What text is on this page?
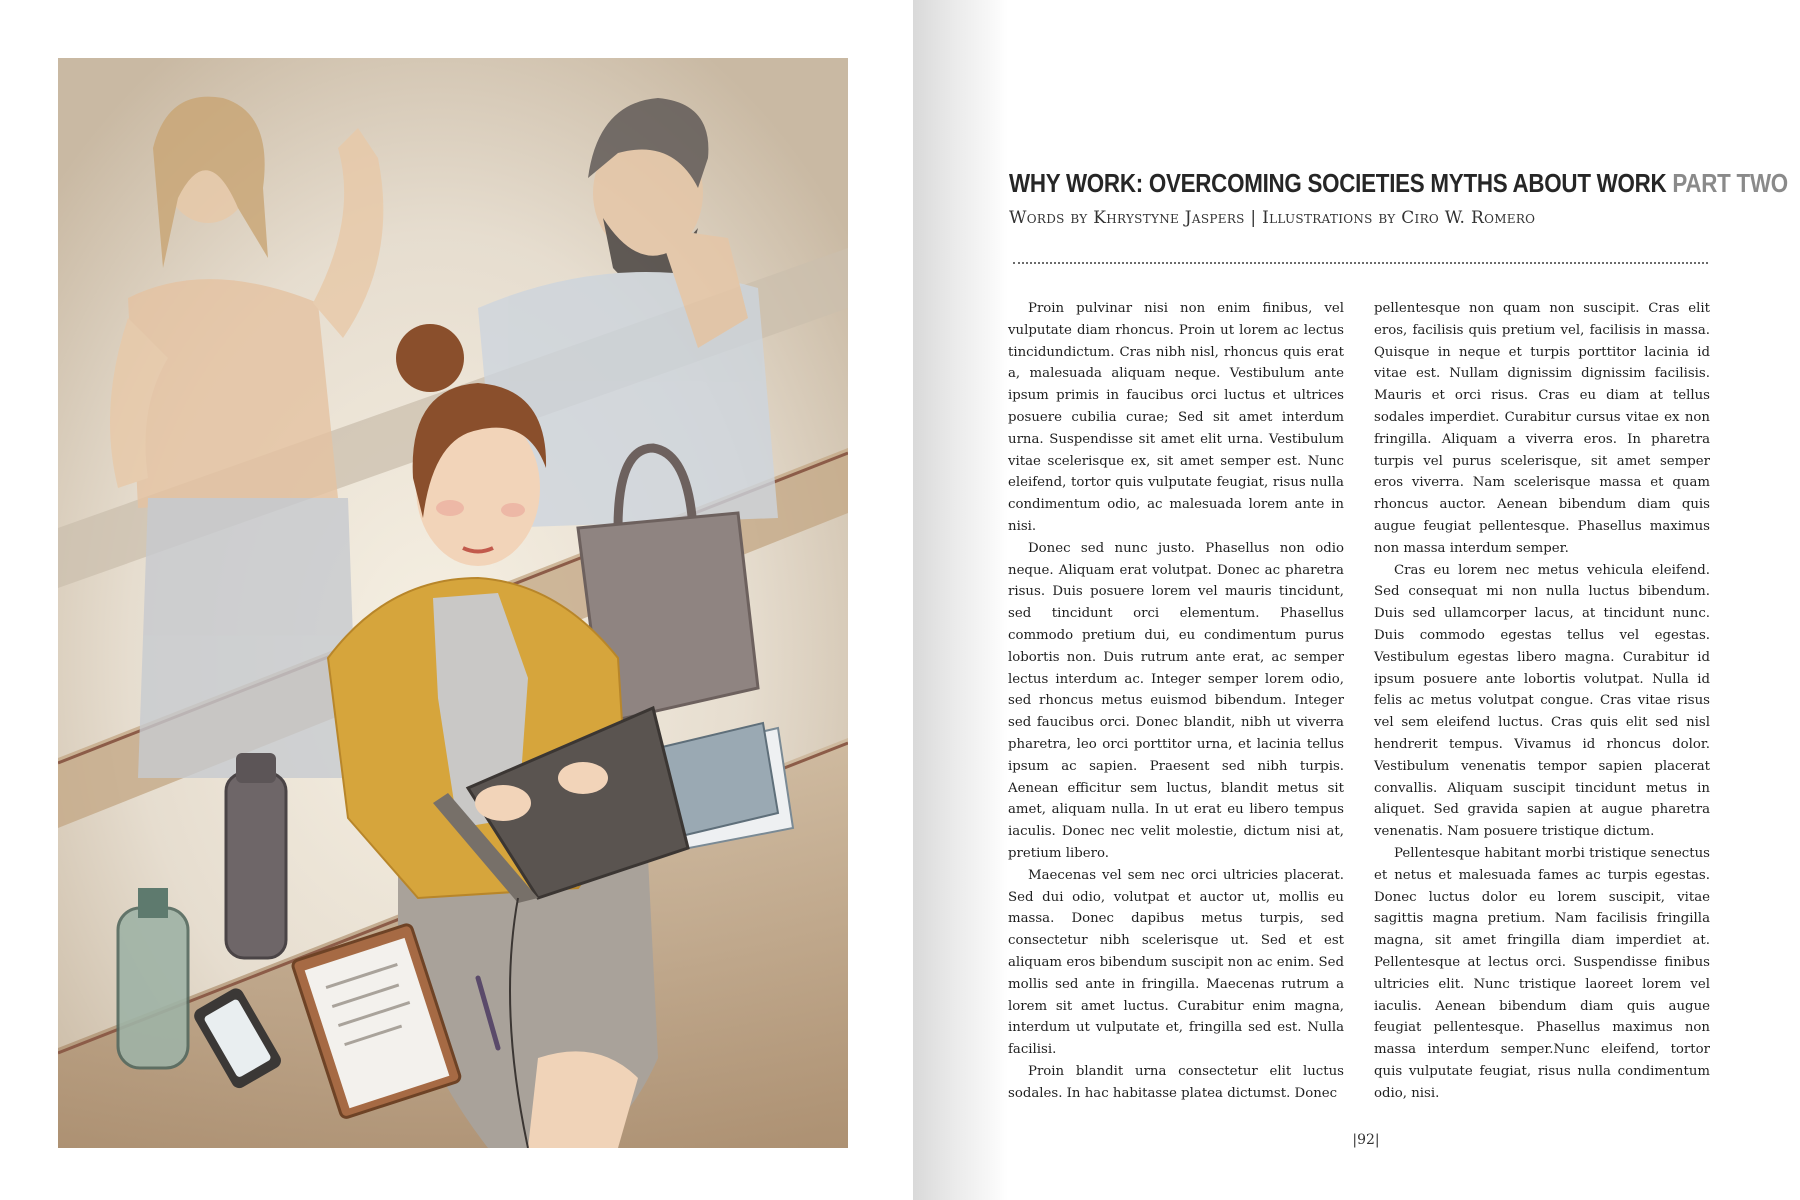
WHY WORK: OVERCOMING SOCIETIES MYTHS ABOUT WORK PART TWO
Words by Khrystyne Jaspers | Illustrations by Ciro W. Romero

Proin pulvinar nisi non enim finibus, vel vulputate diam rhoncus. Proin ut lorem ac lectus tincidundictum. Cras nibh nisl, rhoncus quis erat a, malesuada aliquam neque. Vestibulum ante ipsum primis in faucibus orci luctus et ultrices posuere cubilia curae; Sed sit amet interdum urna. Suspendisse sit amet elit urna. Vestibulum vitae scelerisque ex, sit amet semper est. Nunc eleifend, tortor quis vulputate feugiat, risus nulla condimentum odio, ac malesuada lorem ante in nisi.

Donec sed nunc justo. Phasellus non odio neque. Aliquam erat volutpat. Donec ac pharetra risus. Duis posuere lorem vel mauris tincidunt, sed tincidunt orci elementum. Phasellus commodo pretium dui, eu condimentum purus lobortis non. Duis rutrum ante erat, ac semper lectus interdum ac. Integer semper lorem odio, sed rhoncus metus euismod bibendum. Integer sed faucibus orci. Donec blandit, nibh ut viverra pharetra, leo orci porttitor urna, et lacinia tellus ipsum ac sapien. Praesent sed nibh turpis. Aenean efficitur sem luctus, blandit metus sit amet, aliquam nulla. In ut erat eu libero tempus iaculis. Donec nec velit molestie, dictum nisi at, pretium libero.

Maecenas vel sem nec orci ultricies placerat. Sed dui odio, volutpat et auctor ut, mollis eu massa. Donec dapibus metus turpis, sed consectetur nibh scelerisque ut. Sed et est aliquam eros bibendum suscipit non ac enim. Sed mollis sed ante in fringilla. Maecenas rutrum a lorem sit amet luctus. Curabitur enim magna, interdum ut vulputate et, fringilla sed est. Nulla facilisi.

Proin blandit urna consectetur elit luctus sodales. In hac habitasse platea dictumst. Donec

pellentesque non quam non suscipit. Cras elit eros, facilisis quis pretium vel, facilisis in massa. Quisque in neque et turpis porttitor lacinia id vitae est. Nullam dignissim dignissim facilisis. Mauris et orci risus. Cras eu diam at tellus sodales imperdiet. Curabitur cursus vitae ex non fringilla. Aliquam a viverra eros. In pharetra turpis vel purus scelerisque, sit amet semper eros viverra. Nam scelerisque massa et quam rhoncus auctor. Aenean bibendum diam quis augue feugiat pellentesque. Phasellus maximus non massa interdum semper.

Cras eu lorem nec metus vehicula eleifend. Sed consequat mi non nulla luctus bibendum. Duis sed ullamcorper lacus, at tincidunt nunc. Duis commodo egestas tellus vel egestas. Vestibulum egestas libero magna. Curabitur id ipsum posuere ante lobortis volutpat. Nulla id felis ac metus volutpat congue. Cras vitae risus vel sem eleifend luctus. Cras quis elit sed nisl hendrerit tempus. Vivamus id rhoncus dolor. Vestibulum venenatis tempor sapien placerat convallis. Aliquam suscipit tincidunt metus in aliquet. Sed gravida sapien at augue pharetra venenatis. Nam posuere tristique dictum.

Pellentesque habitant morbi tristique senectus et netus et malesuada fames ac turpis egestas. Donec luctus dolor eu lorem suscipit, vitae sagittis magna pretium. Nam facilisis fringilla magna, sit amet fringilla diam imperdiet at. Pellentesque at lectus orci. Suspendisse finibus ultricies elit. Nunc tristique laoreet lorem vel iaculis. Aenean bibendum diam quis augue feugiat pellentesque. Phasellus maximus non massa interdum semper.Nunc eleifend, tortor quis vulputate feugiat, risus nulla condimentum odio, nisi.

|92|
